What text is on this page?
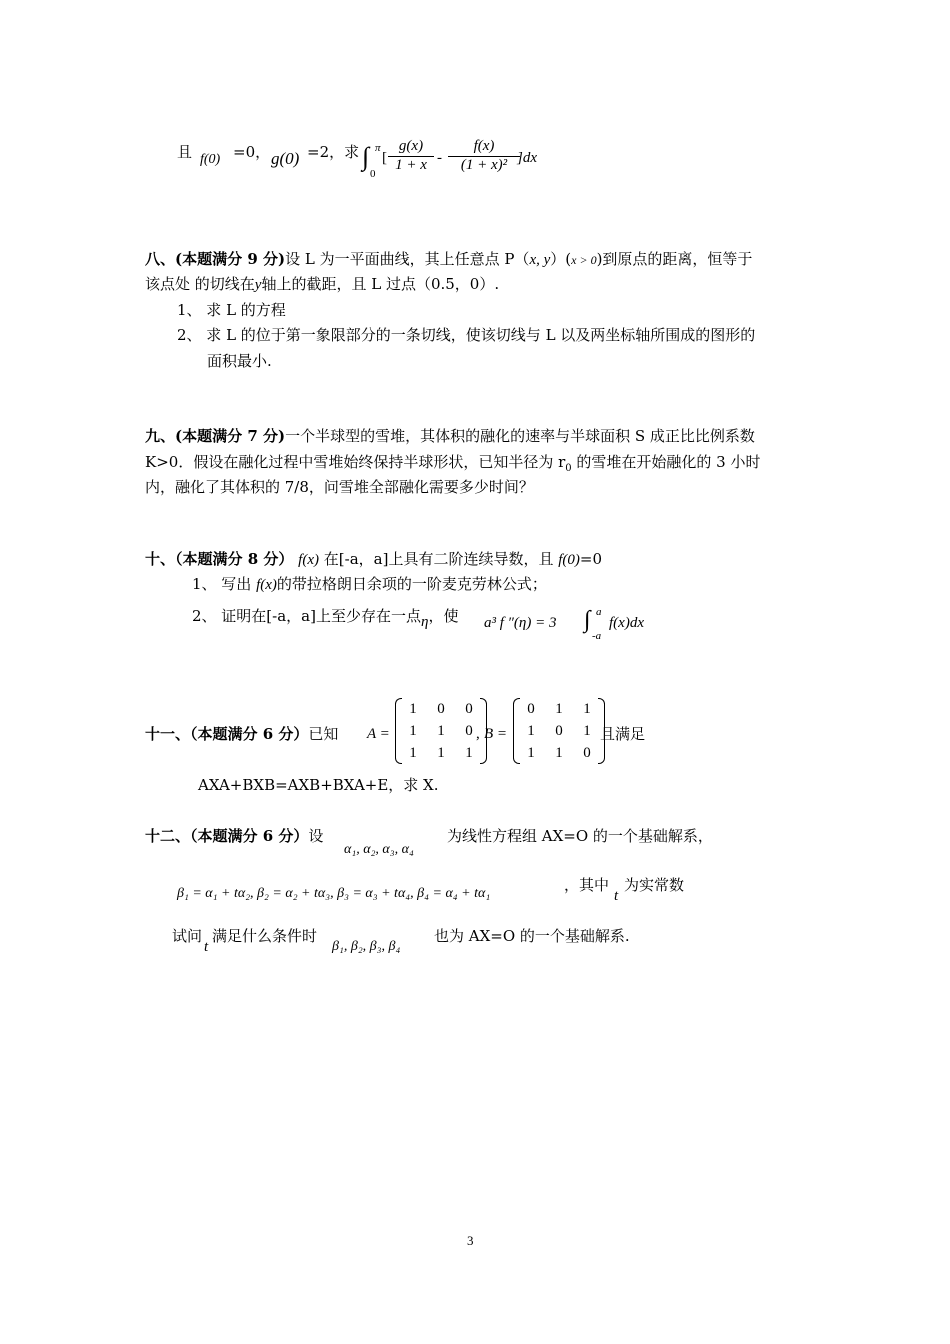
且 f(0) =0， g(0) =2，求 ∫ π
0
[ $\frac{g(x)}{1 + x} - \frac{f(x)}{\text{(1 + x)²}}$
]dx
八、(本题满分 9 分)设 L 为一平面曲线，其上任意点 P（x, y）(x > 0)到原点的距离，恒等于
该点处 的切线在y轴上的截距，且 L 过点（0.5，0）.
1、 求 L 的方程
2、 求 L 的位于第一象限部分的一条切线，使该切线与 L 以及两坐标轴所围成的图形的
面积最小.
九、(本题满分 7 分)一个半球型的雪堆，其体积的融化的速率与半球面积 S 成正比比例系数
K>0．假设在融化过程中雪堆始终保持半球形状，已知半径为 $r_0$ 的雪堆在开始融化的 3 小时
内，融化了其体积的 7/8，问雪堆全部融化需要多少时间？
十、（本题满分 8 分） f(x) 在[-a，a]上具有二阶连续导数，且 f(0)=0
1、 写出 f(x)的带拉格朗日余项的一阶麦克劳林公式；
2、 证明在[-a，a]上至少存在一点η，使 a³ f ″(η) = 3 ∫ a
-a
f(x)dx
十一、（本题满分 6 分）已知 A =
1	0	0
1	1	0
1	1	1
, B =
0	1	1
1	0	1
1	1	0
且满足
AXA+BXB=AXB+BXA+E，求 X.
十二、（本题满分 6 分）设
α₁, α₂, α₃, α₄
为线性方程组 AX=O 的一个基础解系，
β₁ = α₁ + tα₂, β₂ = α₂ + tα₃, β₃ = α₃ + tα₄, β₄ = α₄ + tα₁	，其中
t
为实常数
试问
t
满足什么条件时
β₁, β₂, β₃, β₄
也为 AX=O 的一个基础解系.
3
